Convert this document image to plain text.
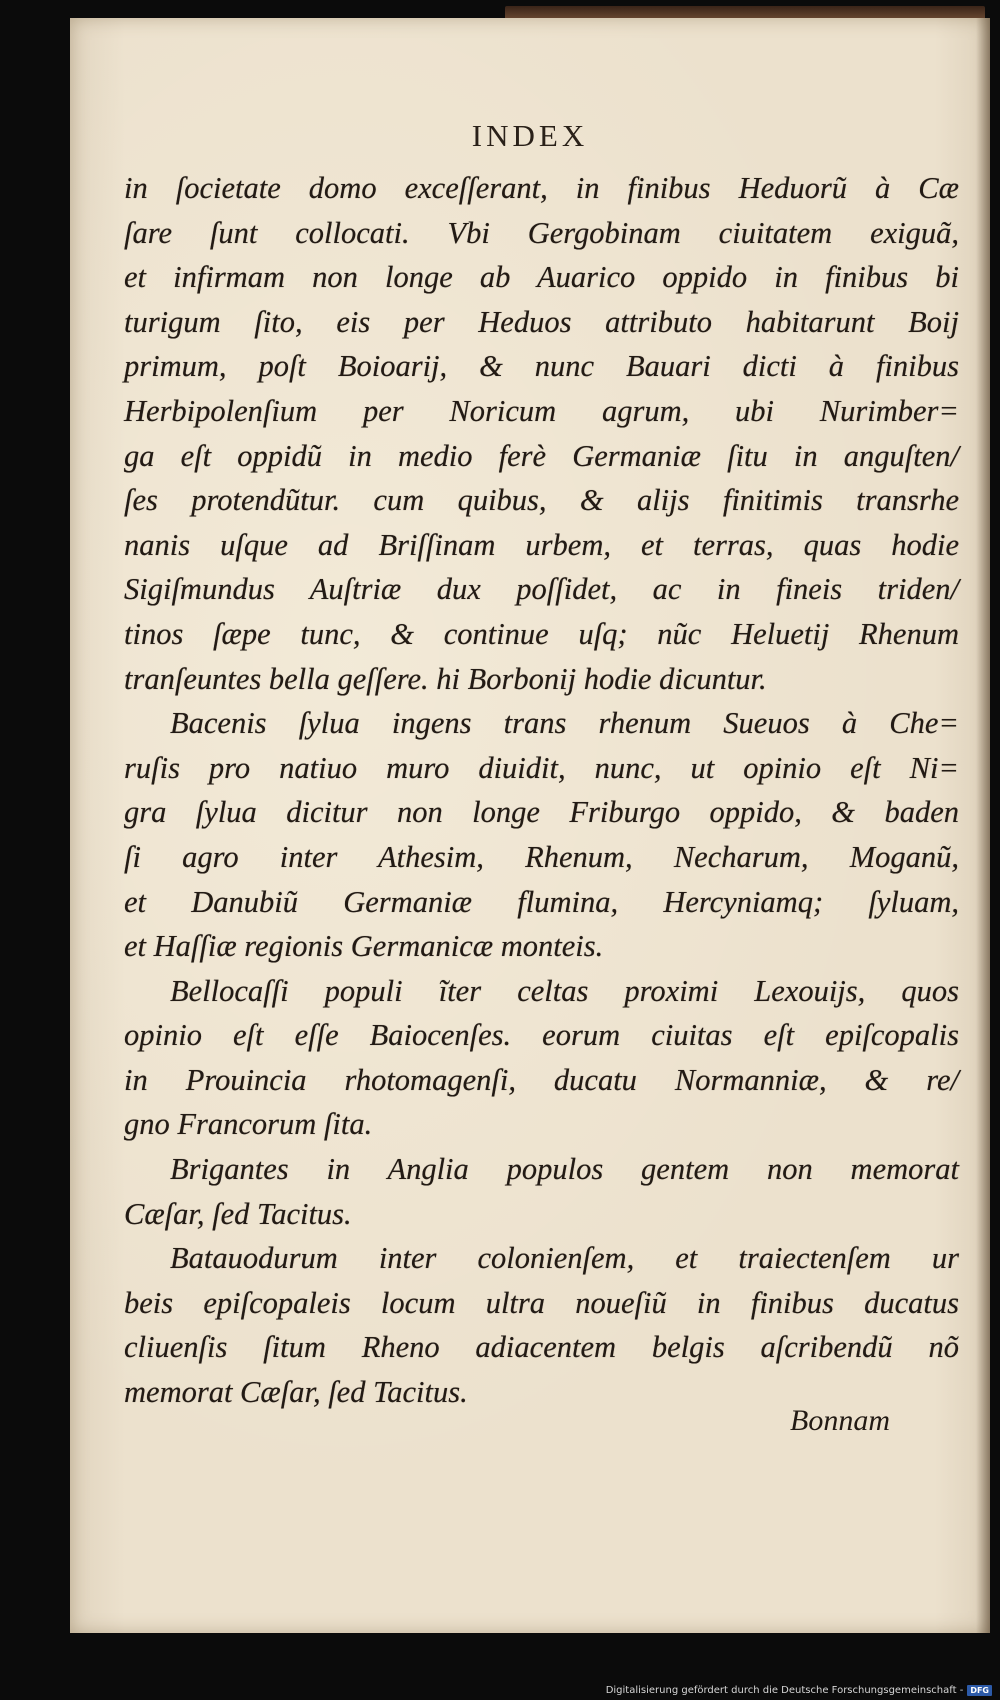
INDEX
in ſocietate domo exceſſerant, in finibus Heduorũ à Cæ
ſare ſunt collocati. Vbi Gergobinam ciuitatem exiguã,
et infirmam non longe ab Auarico oppido in finibus bi
turigum ſito, eis per Heduos attributo habitarunt Boij
primum, poſt Boioarij, & nunc Bauari dicti à finibus
Herbipolenſium per Noricum agrum, ubi Nurimber=
ga eſt oppidũ in medio ferè Germaniæ ſitu in anguſten/
ſes protendũtur. cum quibus, & alijs finitimis transrhe
nanis uſque ad Briſſinam urbem, et terras, quas hodie
Sigiſmundus Auſtriæ dux poſſidet, ac in fineis triden/
tinos ſæpe tunc, & continue uſq; nũc Heluetij Rhenum
tranſeuntes bella geſſere. hi Borbonij hodie dicuntur.
Bacenis ſylua ingens trans rhenum Sueuos à Che=
ruſis pro natiuo muro diuidit, nunc, ut opinio eſt Ni=
gra ſylua dicitur non longe Friburgo oppido, & baden
ſi agro inter Athesim, Rhenum, Necharum, Moganũ,
et Danubiũ Germaniæ flumina, Hercyniamq; ſyluam,
et Haſſiæ regionis Germanicæ monteis.
Bellocaſſi populi ĩter celtas proximi Lexouijs, quos
opinio eſt eſſe Baiocenſes. eorum ciuitas eſt epiſcopalis
in Prouincia rhotomagenſi, ducatu Normanniæ, & re/
gno Francorum ſita.
Brigantes in Anglia populos gentem non memorat
Cæſar, ſed Tacitus.
Batauodurum inter colonienſem, et traiectenſem ur
beis epiſcopaleis locum ultra noueſiũ in finibus ducatus
cliuenſis ſitum Rheno adiacentem belgis aſcribendũ nõ
memorat Cæſar, ſed Tacitus.
Bonnam
Digitalisierung gefördert durch die Deutsche Forschungsgemeinschaft - DFG
